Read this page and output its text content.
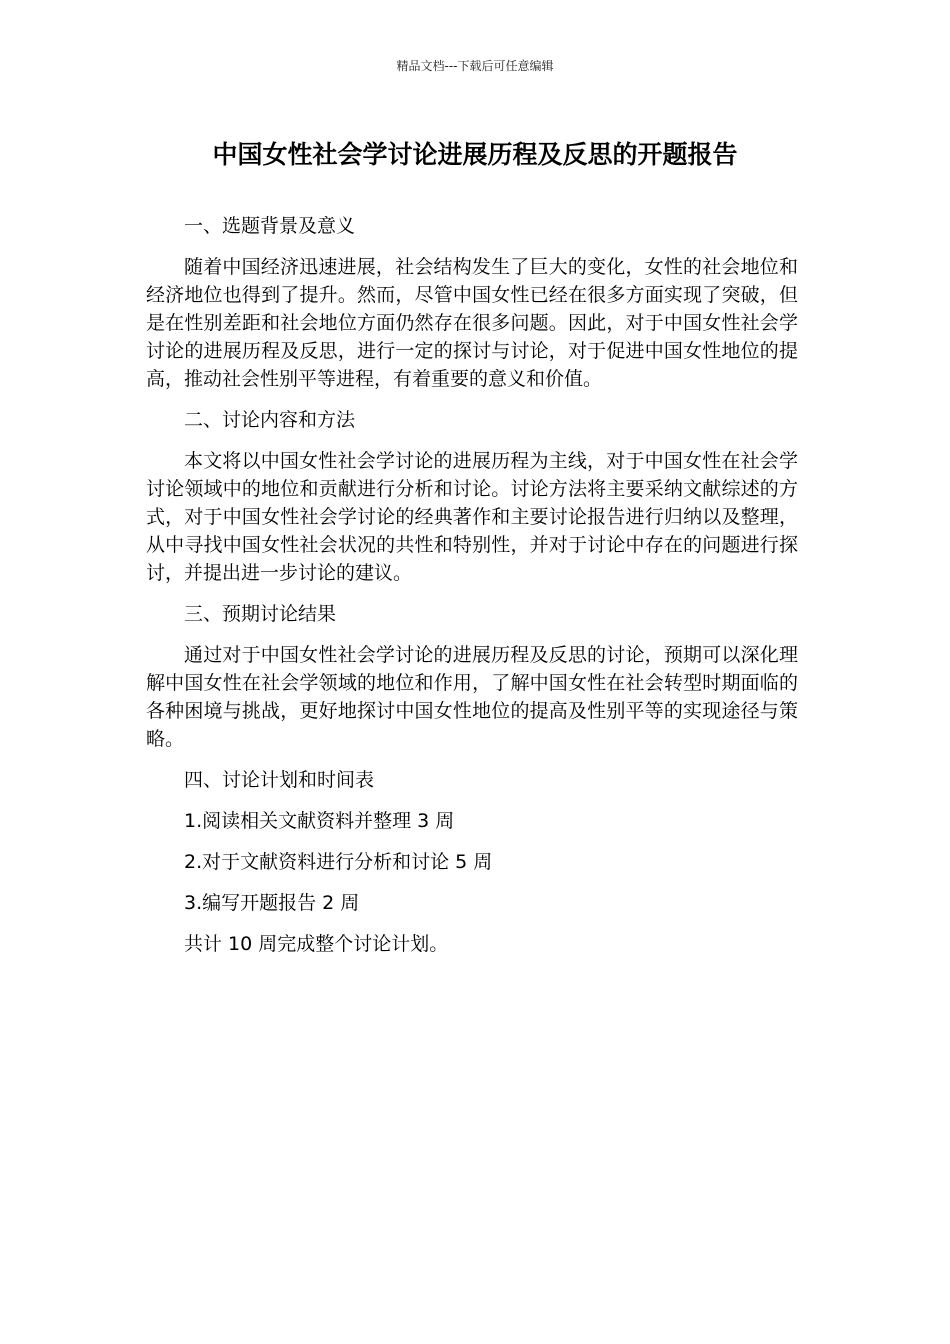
精品文档---下载后可任意编辑
中国女性社会学讨论进展历程及反思的开题报告

一、选题背景及意义

随着中国经济迅速进展，社会结构发生了巨大的变化，女性的社会地位和经济地位也得到了提升。然而，尽管中国女性已经在很多方面实现了突破，但是在性别差距和社会地位方面仍然存在很多问题。因此，对于中国女性社会学讨论的进展历程及反思，进行一定的探讨与讨论，对于促进中国女性地位的提高，推动社会性别平等进程，有着重要的意义和价值。

二、讨论内容和方法

本文将以中国女性社会学讨论的进展历程为主线，对于中国女性在社会学讨论领域中的地位和贡献进行分析和讨论。讨论方法将主要采纳文献综述的方式，对于中国女性社会学讨论的经典著作和主要讨论报告进行归纳以及整理，从中寻找中国女性社会状况的共性和特别性，并对于讨论中存在的问题进行探讨，并提出进一步讨论的建议。

三、预期讨论结果

通过对于中国女性社会学讨论的进展历程及反思的讨论，预期可以深化理解中国女性在社会学领域的地位和作用，了解中国女性在社会转型时期面临的各种困境与挑战，更好地探讨中国女性地位的提高及性别平等的实现途径与策略。

四、讨论计划和时间表

1.阅读相关文献资料并整理 3 周

2.对于文献资料进行分析和讨论 5 周

3.编写开题报告 2 周

共计 10 周完成整个讨论计划。
